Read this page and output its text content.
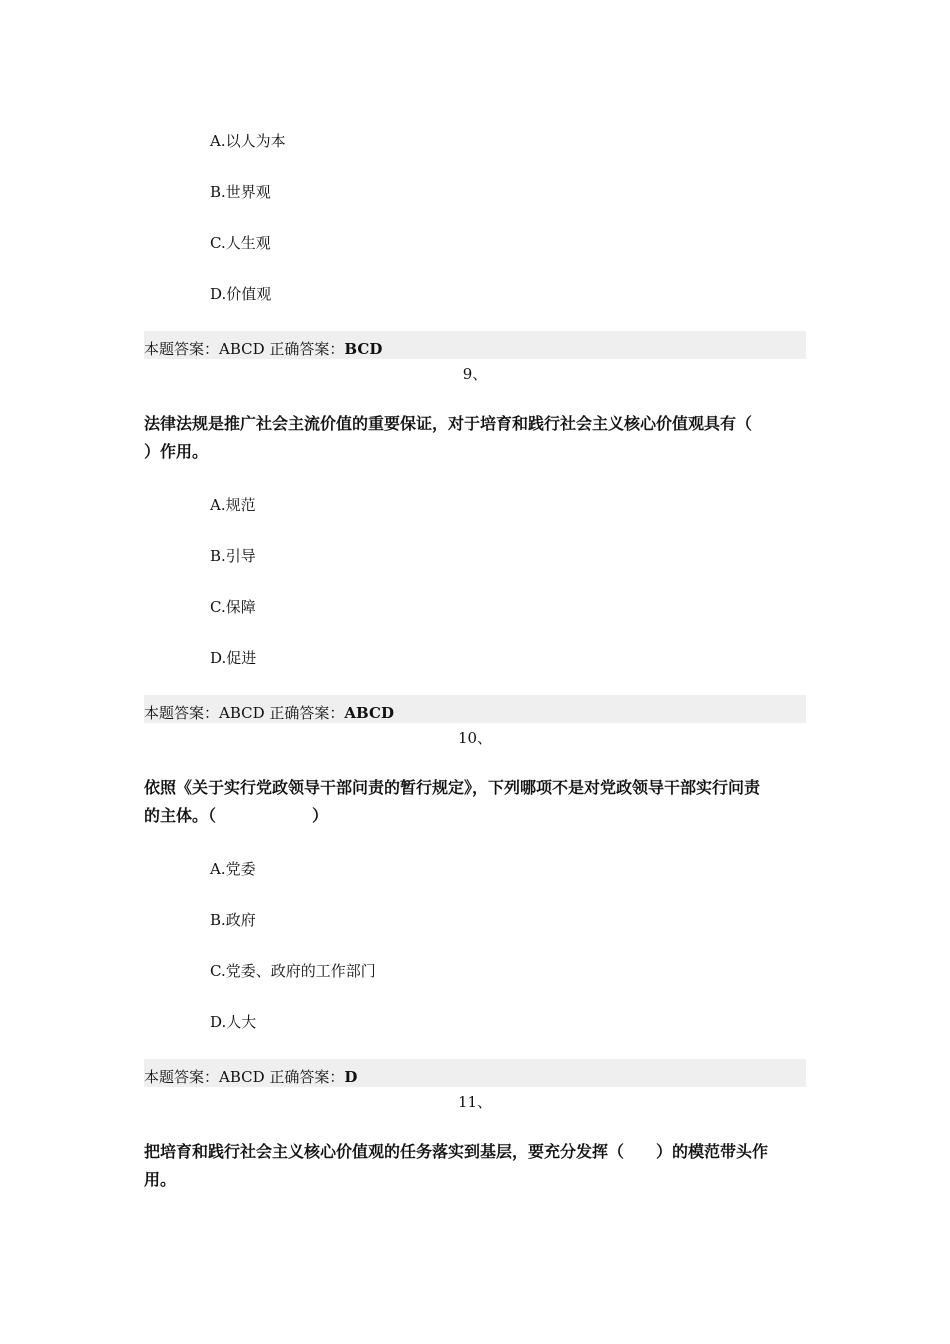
A.以人为本
B.世界观
C.人生观
D.价值观
本题答案：ABCD 正确答案：BCD
9、
法律法规是推广社会主流价值的重要保证，对于培育和践行社会主义核心价值观具有（
）作用。
A.规范
B.引导
C.保障
D.促进
本题答案：ABCD 正确答案：ABCD
10、
依照《关于实行党政领导干部问责的暂行规定》，下列哪项不是对党政领导干部实行问责
的主体。（　　　　　　）
A.党委
B.政府
C.党委、政府的工作部门
D.人大
本题答案：ABCD 正确答案：D
11、
把培育和践行社会主义核心价值观的任务落实到基层，要充分发挥（　　）的模范带头作
用。
